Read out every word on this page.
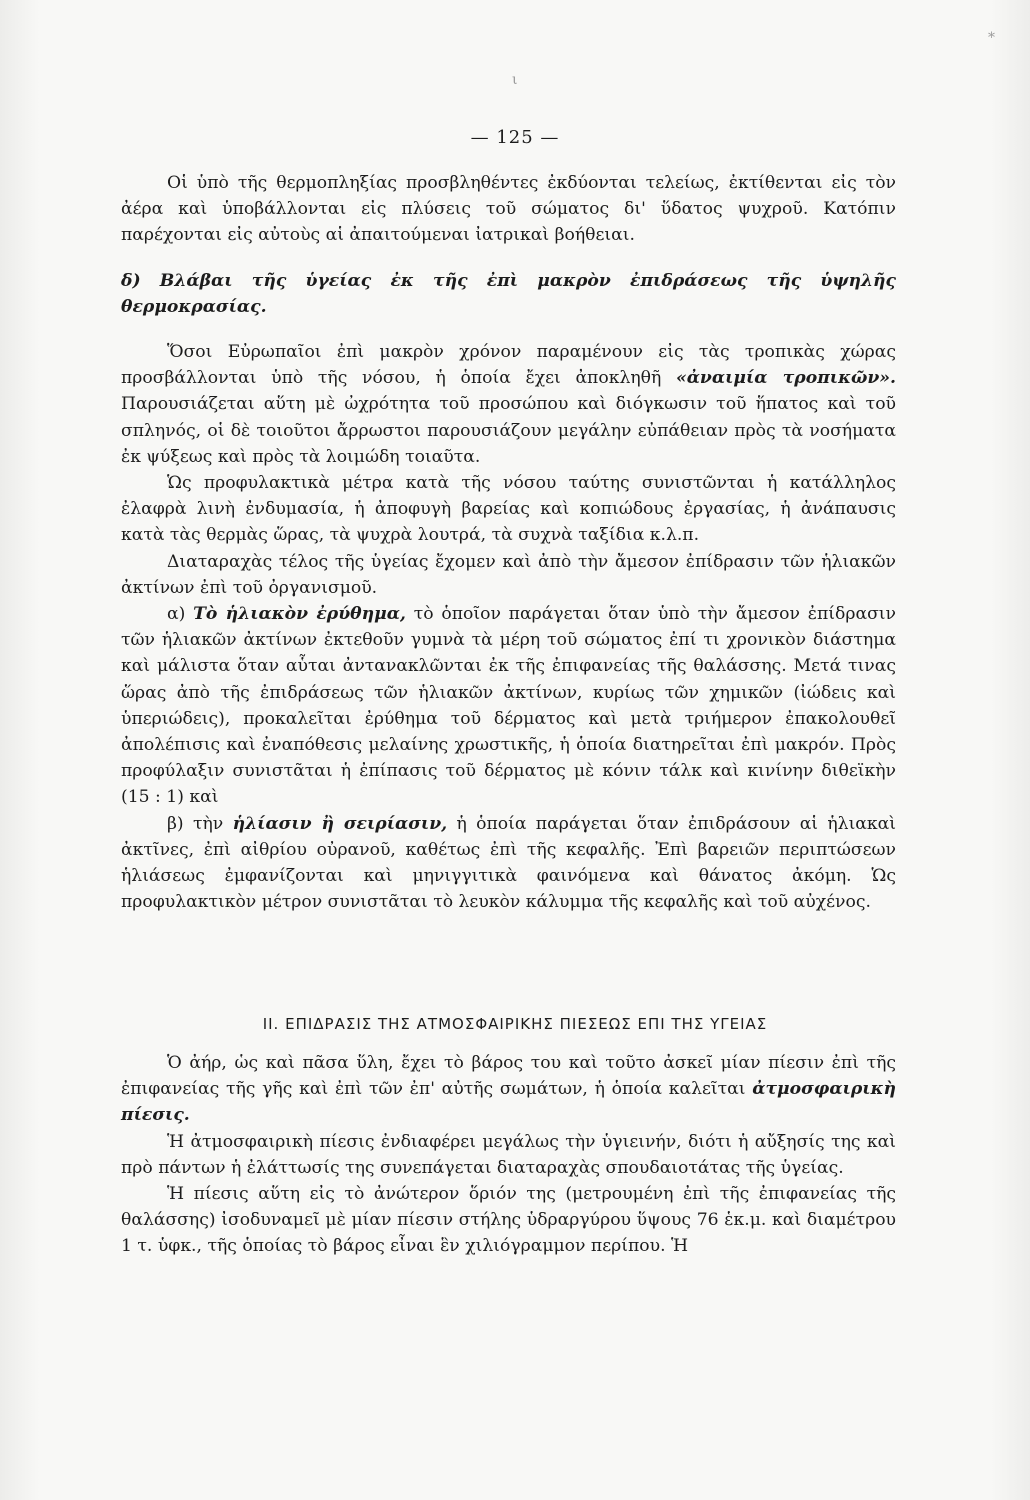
ι
*
— 125 —

Οἱ ὑπὸ τῆς θερμοπληξίας προσβληθέντες ἐκδύονται τελείως, ἐκτίθενται εἰς τὸν ἀέρα καὶ ὑποβάλλονται εἰς πλύσεις τοῦ σώματος δι' ὕδατος ψυχροῦ. Κατόπιν παρέχονται εἰς αὐτοὺς αἱ ἀπαιτούμεναι ἰατρικαὶ βοήθειαι.

δ) Βλάβαι τῆς ὑγείας ἐκ τῆς ἐπὶ μακρὸν ἐπιδράσεως τῆς ὑψηλῆς θερμοκρασίας.

Ὅσοι Εὐρωπαῖοι ἐπὶ μακρὸν χρόνον παραμένουν εἰς τὰς τροπικὰς χώρας προσβάλλονται ὑπὸ τῆς νόσου, ἡ ὁποία ἔχει ἀποκληθῆ «ἀναιμία τροπικῶν». Παρουσιάζεται αὕτη μὲ ὠχρότητα τοῦ προσώπου καὶ διόγκωσιν τοῦ ἥπατος καὶ τοῦ σπληνός, οἱ δὲ τοιοῦτοι ἄρρωστοι παρουσιάζουν μεγάλην εὐπάθειαν πρὸς τὰ νοσήματα ἐκ ψύξεως καὶ πρὸς τὰ λοιμώδη τοιαῦτα.

Ὡς προφυλακτικὰ μέτρα κατὰ τῆς νόσου ταύτης συνιστῶνται ἡ κατάλληλος ἐλαφρὰ λινὴ ἐνδυμασία, ἡ ἀποφυγὴ βαρείας καὶ κοπιώδους ἐργασίας, ἡ ἀνάπαυσις κατὰ τὰς θερμὰς ὥρας, τὰ ψυχρὰ λουτρά, τὰ συχνὰ ταξίδια κ.λ.π.

Διαταραχὰς τέλος τῆς ὑγείας ἔχομεν καὶ ἀπὸ τὴν ἄμεσον ἐπίδρασιν τῶν ἡλιακῶν ἀκτίνων ἐπὶ τοῦ ὀργανισμοῦ.

α) Τὸ ἡλιακὸν ἐρύθημα, τὸ ὁποῖον παράγεται ὅταν ὑπὸ τὴν ἄμεσον ἐπίδρασιν τῶν ἡλιακῶν ἀκτίνων ἐκτεθοῦν γυμνὰ τὰ μέρη τοῦ σώματος ἐπί τι χρονικὸν διάστημα καὶ μάλιστα ὅταν αὗται ἀντανακλῶνται ἐκ τῆς ἐπιφανείας τῆς θαλάσσης. Μετά τινας ὥρας ἀπὸ τῆς ἐπιδράσεως τῶν ἡλιακῶν ἀκτίνων, κυρίως τῶν χημικῶν (ἰώδεις καὶ ὑπεριώδεις), προκαλεῖται ἐρύθημα τοῦ δέρματος καὶ μετὰ τριήμερον ἐπακολουθεῖ ἀπολέπισις καὶ ἐναπόθεσις μελαίνης χρωστικῆς, ἡ ὁποία διατηρεῖται ἐπὶ μακρόν. Πρὸς προφύλαξιν συνιστᾶται ἡ ἐπίπασις τοῦ δέρματος μὲ κόνιν τάλκ καὶ κινίνην διθεϊκὴν (15 : 1) καὶ

β) τὴν ἡλίασιν ἢ σειρίασιν, ἡ ὁποία παράγεται ὅταν ἐπιδράσουν αἱ ἡλιακαὶ ἀκτῖνες, ἐπὶ αἰθρίου οὐρανοῦ, καθέτως ἐπὶ τῆς κεφαλῆς. Ἐπὶ βαρειῶν περιπτώσεων ἡλιάσεως ἐμφανίζονται καὶ μηνιγγιτικὰ φαινόμενα καὶ θάνατος ἀκόμη. Ὡς προφυλακτικὸν μέτρον συνιστᾶται τὸ λευκὸν κάλυμμα τῆς κεφαλῆς καὶ τοῦ αὐχένος.

ΙΙ. ΕΠΙΔΡΑΣΙΣ ΤΗΣ ΑΤΜΟΣΦΑΙΡΙΚΗΣ ΠΙΕΣΕΩΣ ΕΠΙ ΤΗΣ ΥΓΕΙΑΣ

Ὁ ἀήρ, ὡς καὶ πᾶσα ὕλη, ἔχει τὸ βάρος του καὶ τοῦτο ἀσκεῖ μίαν πίεσιν ἐπὶ τῆς ἐπιφανείας τῆς γῆς καὶ ἐπὶ τῶν ἐπ' αὐτῆς σωμάτων, ἡ ὁποία καλεῖται ἀτμοσφαιρικὴ πίεσις.

Ἡ ἀτμοσφαιρικὴ πίεσις ἐνδιαφέρει μεγάλως τὴν ὑγιεινήν, διότι ἡ αὔξησίς της καὶ πρὸ πάντων ἡ ἐλάττωσίς της συνεπάγεται διαταραχὰς σπουδαιοτάτας τῆς ὑγείας.

Ἡ πίεσις αὕτη εἰς τὸ ἀνώτερον ὅριόν της (μετρουμένη ἐπὶ τῆς ἐπιφανείας τῆς θαλάσσης) ἰσοδυναμεῖ μὲ μίαν πίεσιν στήλης ὑδραργύρου ὕψους 76 ἑκ.μ. καὶ διαμέτρου 1 τ. ὑφκ., τῆς ὁποίας τὸ βάρος εἶναι ἓν χιλιόγραμμον περίπου. Ἡ
